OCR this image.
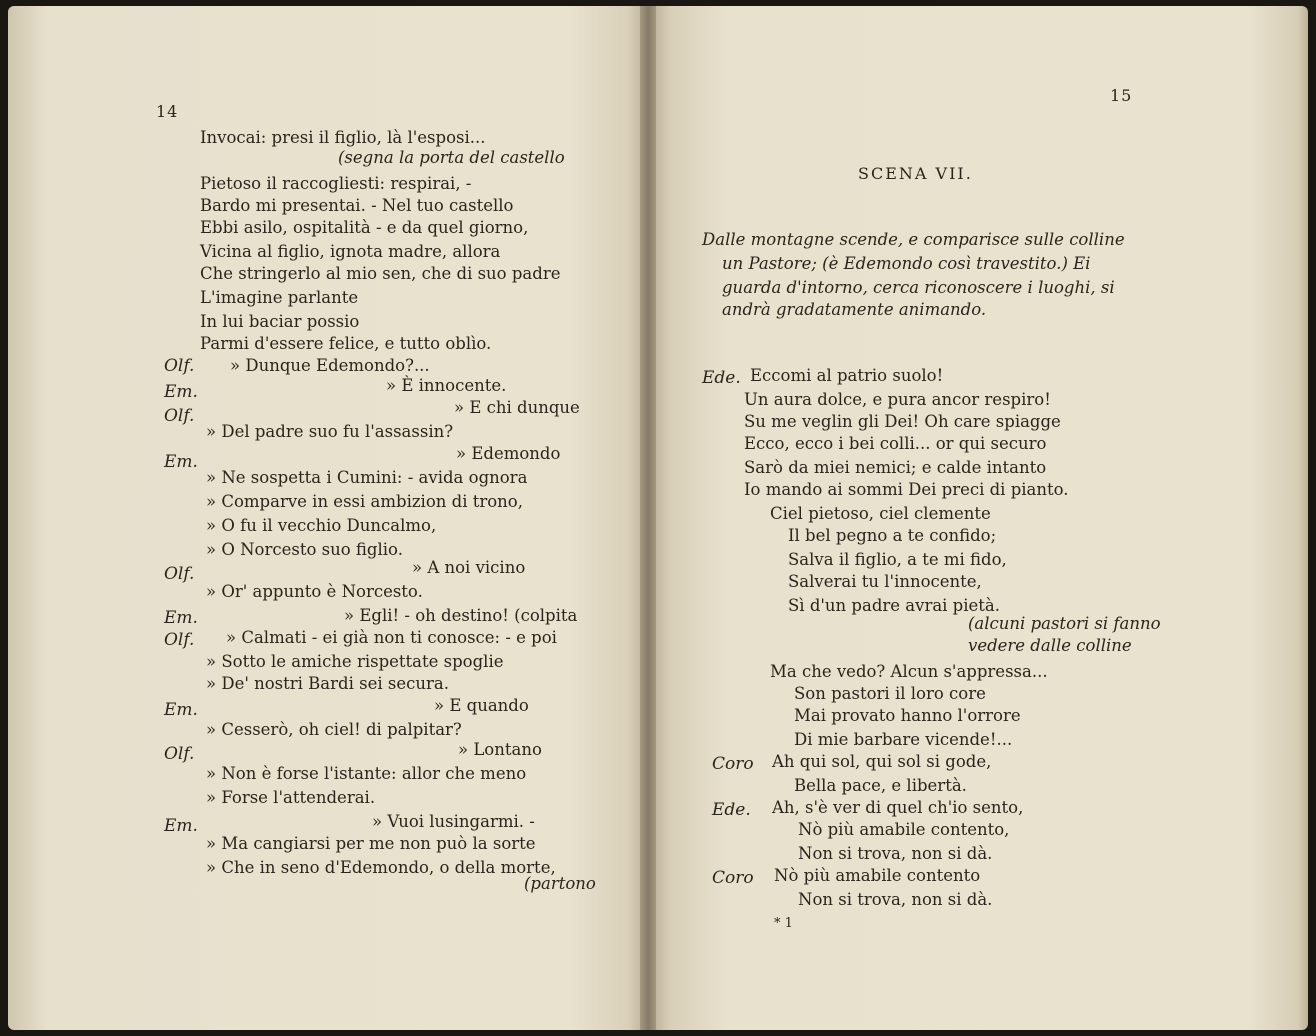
14
Invocai: presi il figlio, là l'esposi...
(segna la porta del castello
Pietoso il raccogliesti: respirai, -
Bardo mi presentai. - Nel tuo castello
Ebbi asilo, ospitalità - e da quel giorno,
Vicina al figlio, ignota madre, allora
Che stringerlo al mio sen, che di suo padre
L'imagine parlante
In lui baciar possio
Parmi d'essere felice, e tutto oblìo.
Olf. » Dunque Edemondo?...
Em.	» È innocente.
Olf.	» E chi dunque
» Del padre suo fu l'assassin?
» Edemondo
Em.
» Ne sospetta i Cumini: - avida ognora
» Comparve in essi ambizion di trono,
» O fu il vecchio Duncalmo,
» O Norcesto suo figlio.
Olf.	» A noi vicino
» Or' appunto è Norcesto.
Em.	» Egli! - oh destino! (colpita
Olf. » Calmati - ei già non ti conosce: - e poi
» Sotto le amiche rispettate spoglie
» De' nostri Bardi sei secura.
Em.	» E quando
» Cesserò, oh ciel! di palpitar?
Olf.	» Lontano
» Non è forse l'istante: allor che meno
» Forse l'attenderai.
Em.	» Vuoi lusingarmi. -
» Ma cangiarsi per me non può la sorte
» Che in seno d'Edemondo, o della morte,
(partono
15
SCENA VII.
Dalle montagne scende, e comparisce sulle colline
un Pastore; (è Edemondo così travestito.) Ei
guarda d'intorno, cerca riconoscere i luoghi, si
andrà gradatamente animando.
Ede. Eccomi al patrio suolo!
Un aura dolce, e pura ancor respiro!
Su me veglin gli Dei! Oh care spiagge
Ecco, ecco i bei colli... or qui securo
Sarò da miei nemici; e calde intanto
Io mando ai sommi Dei preci di pianto.
Ciel pietoso, ciel clemente
Il bel pegno a te confido;
Salva il figlio, a te mi fido,
Salverai tu l'innocente,
Sì d'un padre avrai pietà.
(alcuni pastori si fanno
vedere dalle colline
Ma che vedo? Alcun s'appressa...
Son pastori il loro core
Mai provato hanno l'orrore
Di mie barbare vicende!...
Coro Ah qui sol, qui sol si gode,
Bella pace, e libertà.
Ede. Ah, s'è ver di quel ch'io sento,
Nò più amabile contento,
Non si trova, non si dà.
Coro Nò più amabile contento
Non si trova, non si dà.
* 1
